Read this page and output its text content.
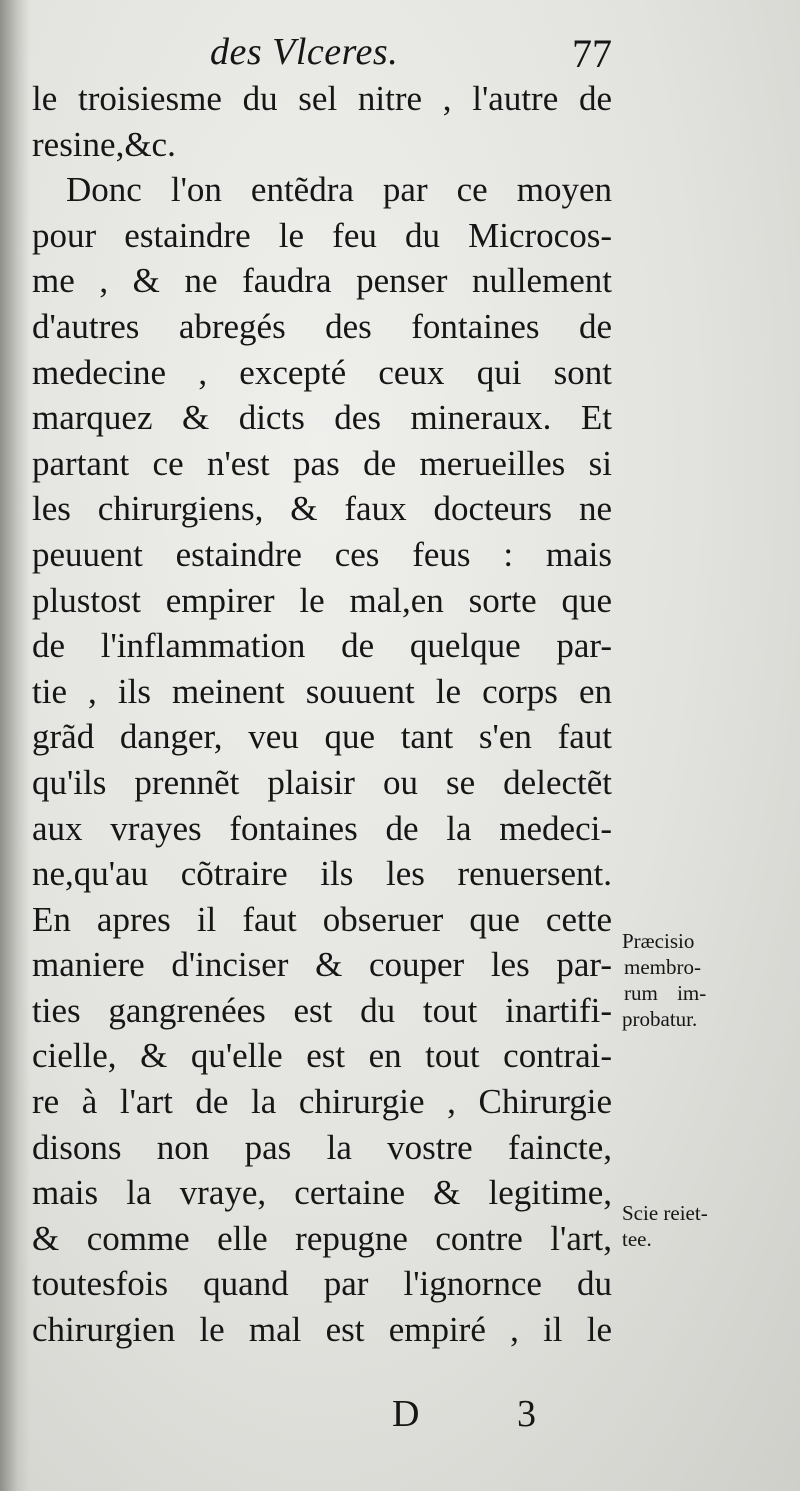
des Vlceres.	77
le troisiesme du sel nitre , l'autre de
resine,&c.
Donc l'on entẽdra par ce moyen
pour estaindre le feu du Microcos-
me , & ne faudra penser nullement
d'autres abregés des fontaines de
medecine , excepté ceux qui sont
marquez & dicts des mineraux. Et
partant ce n'est pas de merueilles si
les chirurgiens, & faux docteurs ne
peuuent estaindre ces feus : mais
plustost empirer le mal,en sorte que
de l'inflammation de quelque par-
tie , ils meinent souuent le corps en
grãd danger, veu que tant s'en faut
qu'ils prennẽt plaisir ou se delectẽt
aux vrayes fontaines de la medeci-
ne,qu'au cõtraire ils les renuersent.
En apres il faut obseruer que cette
maniere d'inciser & couper les par-
ties gangrenées est du tout inartifi-
cielle, & qu'elle est en tout contrai-
re à l'art de la chirurgie , Chirurgie
disons non pas la vostre faincte,
mais la vraye, certaine & legitime,
& comme elle repugne contre l'art,
toutesfois quand par l'ignornce du
chirurgien le mal est empiré , il le
Præcisio
membro-
rum im-
probatur.
Scie reiet-
tee.
D 3
